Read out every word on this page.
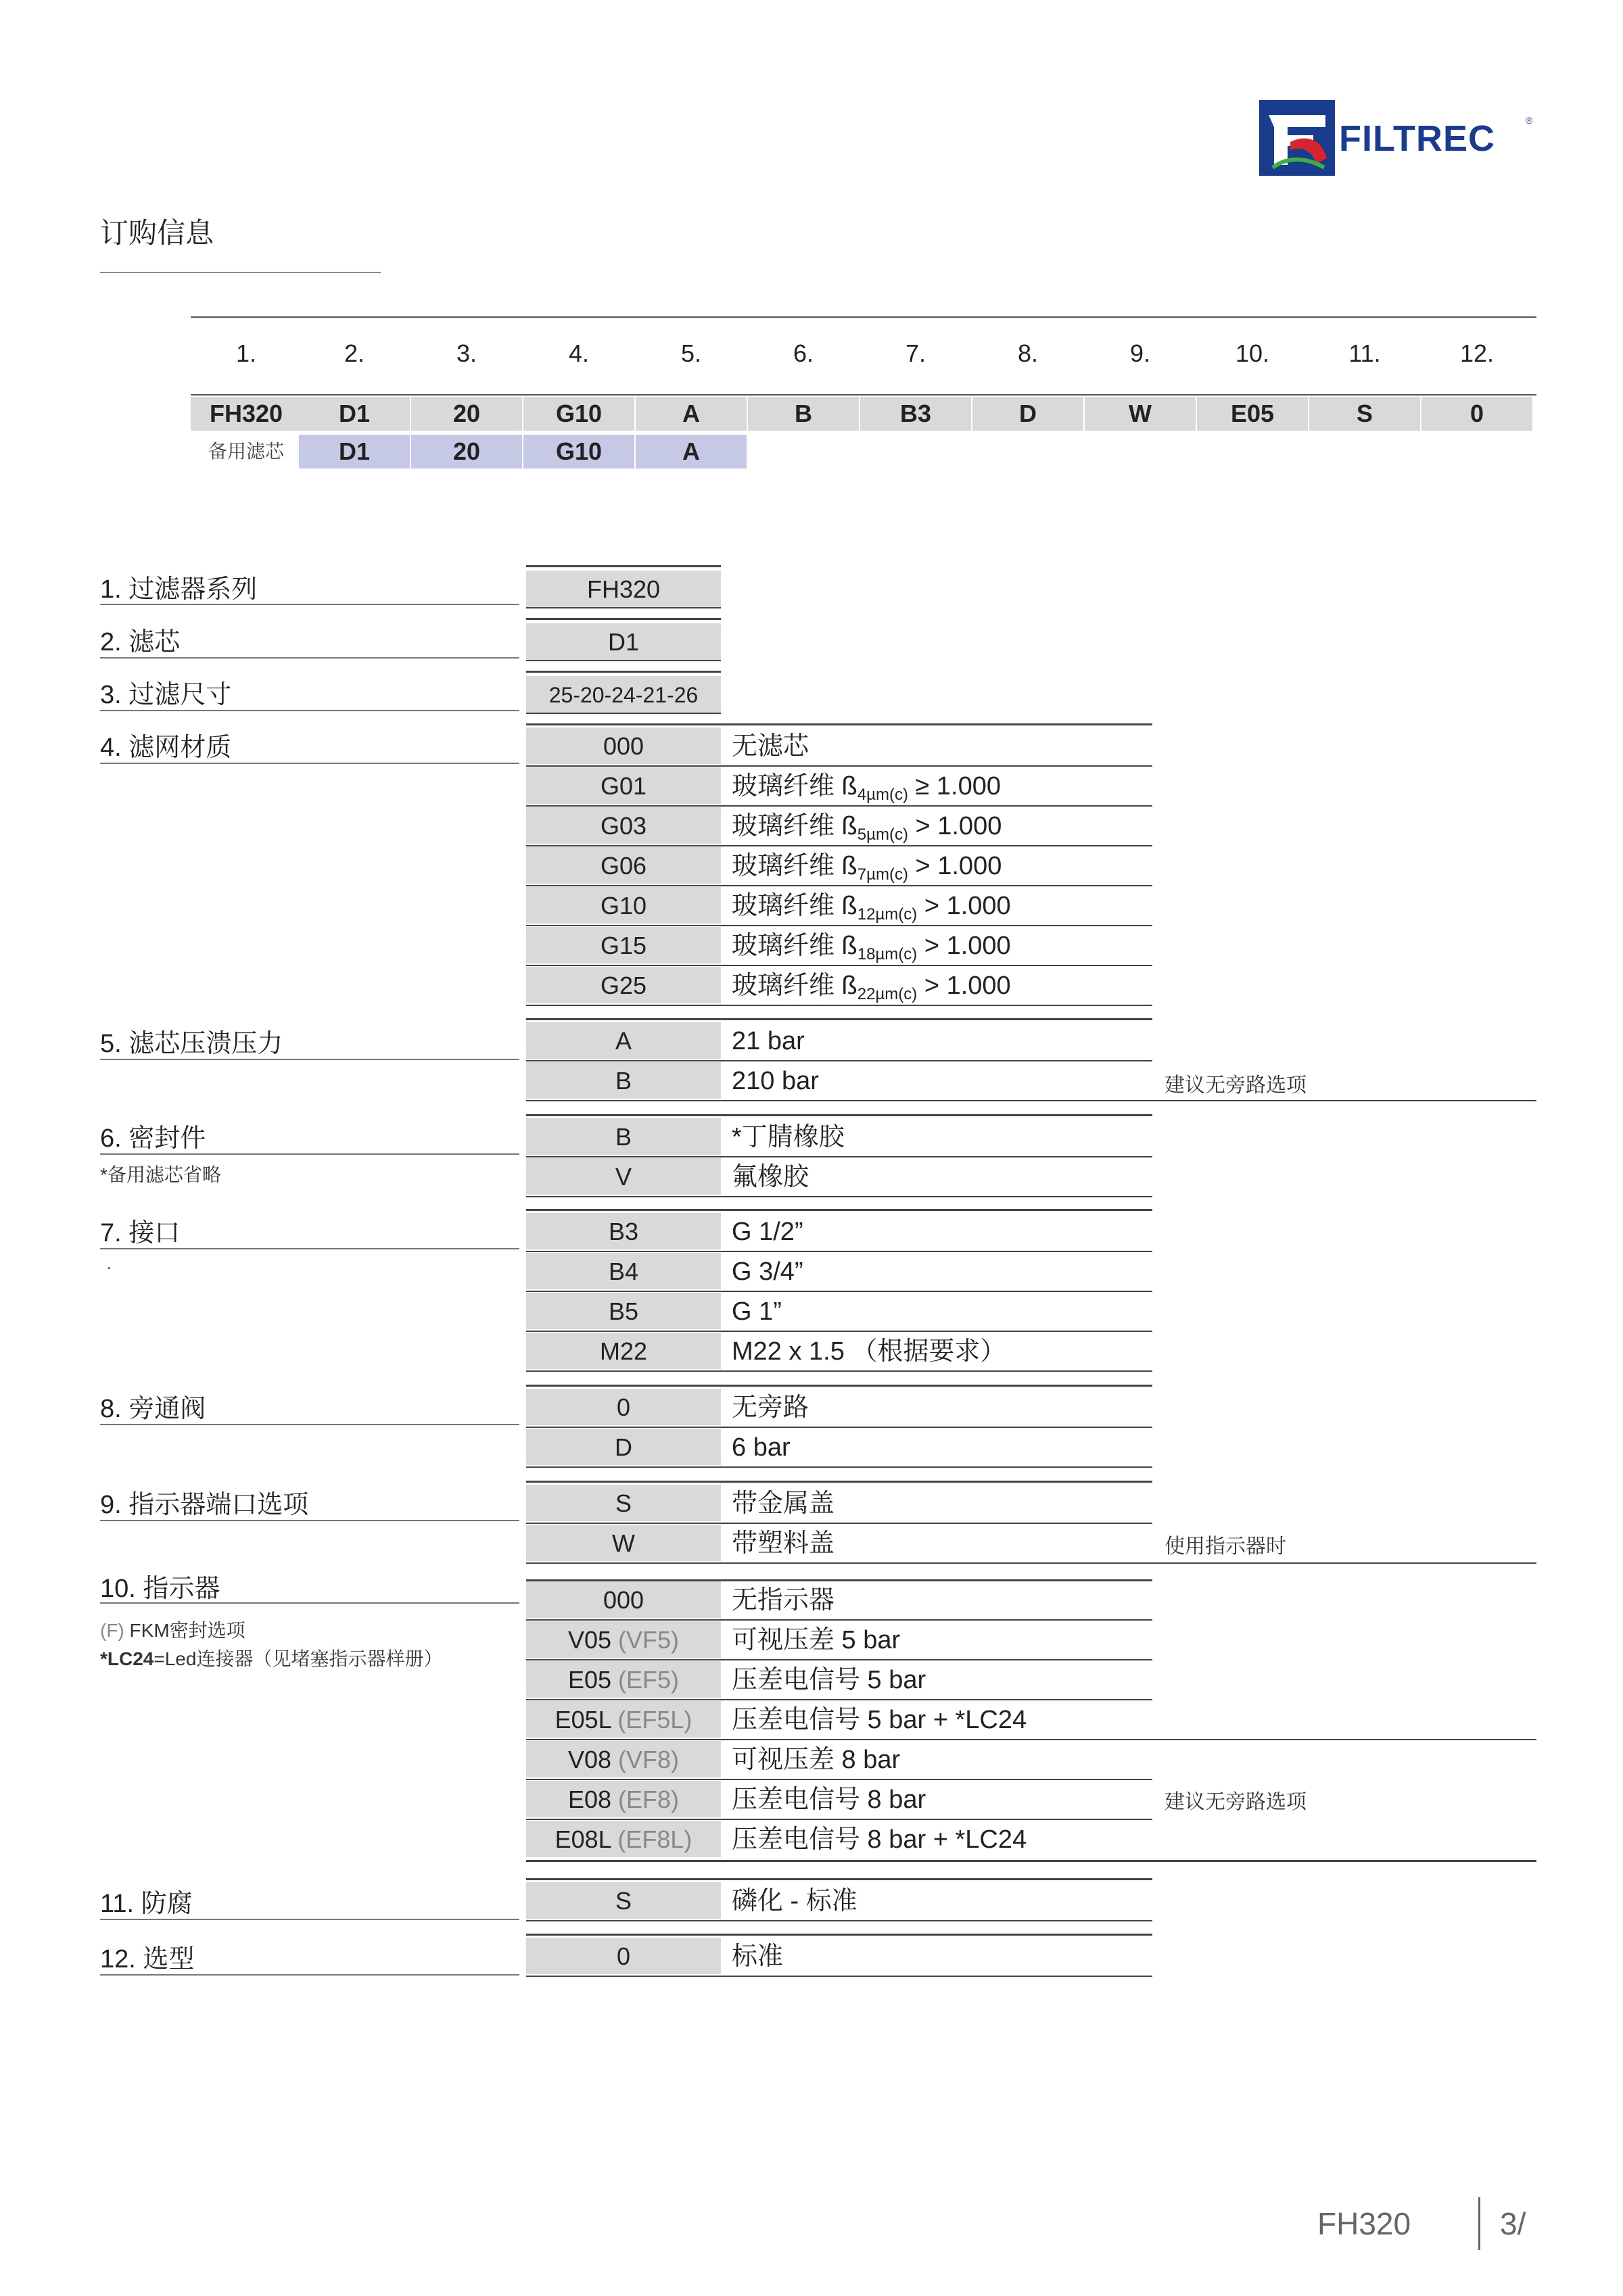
FILTREC	®
订购信息
1.	2.	3.	4.	5.	6.	7.	8.	9.	10.	11.	12.
FH320	D1	20	G10	A	B	B3	D	W	E05	S	0
备用滤芯	D1	20	G10	A
1. 过滤器系列	FH320
2. 滤芯	D1
3. 过滤尺寸	25-20-24-21-26
4. 滤网材质	000	无滤芯
G01	玻璃纤维 $ß_{4\mu m(c)} \ge 1.000$
G03	玻璃纤维 $ß_{5\mu m(c)} > 1.000$
G06	玻璃纤维 $ß_{7\mu m(c)} > 1.000$
G10	玻璃纤维 $ß_{12\mu m(c)} > 1.000$
G15	玻璃纤维 $ß_{18\mu m(c)} > 1.000$
G25	玻璃纤维 $ß_{22\mu m(c)} > 1.000$
5. 滤芯压溃压力	A	21 bar
B	210 bar	建议无旁路选项
6. 密封件
*备用滤芯省略
B	*丁腈橡胶
V	氟橡胶
7. 接口
.
B3	G 1/2”
B4	G 3/4”
B5	G 1”
M22	M22 x 1.5 （根据要求）
8. 旁通阀	0	无旁路
D	6 bar
9. 指示器端口选项	S	带金属盖
W	带塑料盖	使用指示器时
10. 指示器
(F) FKM密封选项
*LC24=Led连接器（见堵塞指示器样册）
000	无指示器
V05 (VF5)	可视压差 5 bar
E05 (EF5)	压差电信号 5 bar
E05L (EF5L)	压差电信号 5 bar + *LC24
V08 (VF8)	可视压差 8 bar
E08 (EF8)	压差电信号 8 bar	建议无旁路选项
E08L (EF8L)	压差电信号 8 bar + *LC24
11. 防腐	S	磷化 - 标准
12. 选型	0	标准
FH320	3/
